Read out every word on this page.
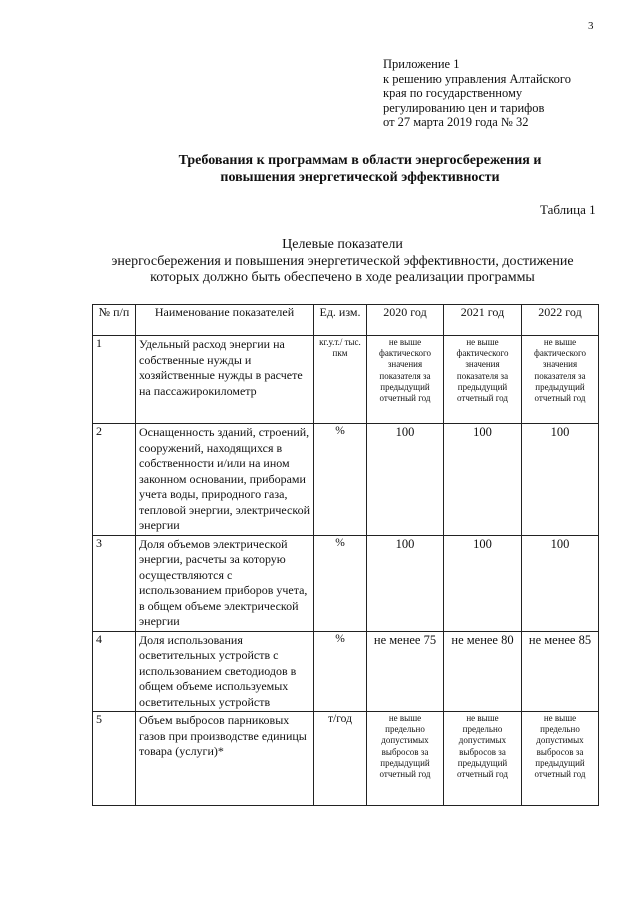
3
Приложение 1
к решению управления Алтайского
края по государственному
регулированию цен и тарифов
от 27 марта 2019 года № 32
Требования к программам в области энергосбережения и
повышения энергетической эффективности
Таблица 1
Целевые показатели
энергосбережения и повышения энергетической эффективности, достижение
которых должно быть обеспечено в ходе реализации программы
№ п/п	Наименование показателей	Ед. изм.	2020 год	2021 год	2022 год
1	Удельный расход энергии на собственные нужды и хозяйственные нужды в расчете на пассажирокилометр	кг.у.т./ тыс. пкм	не выше фактического значения показателя за предыдущий отчетный год	не выше фактического значения показателя за предыдущий отчетный год	не выше фактического значения показателя за предыдущий отчетный год
2	Оснащенность зданий, строений, сооружений, находящихся в собственности и/или на ином законном основании, приборами учета воды, природного газа, тепловой энергии, электрической энергии	%	100	100	100
3	Доля объемов электрической энергии, расчеты за которую осуществляются с использованием приборов учета, в общем объеме электрической энергии	%	100	100	100
4	Доля использования осветительных устройств с использованием светодиодов в общем объеме используемых осветительных устройств	%	не менее 75	не менее 80	не менее 85
5	Объем выбросов парниковых газов при производстве единицы товара (услуги)*	т/год	не выше предельно допустимых выбросов за предыдущий отчетный год	не выше предельно допустимых выбросов за предыдущий отчетный год	не выше предельно допустимых выбросов за предыдущий отчетный год
